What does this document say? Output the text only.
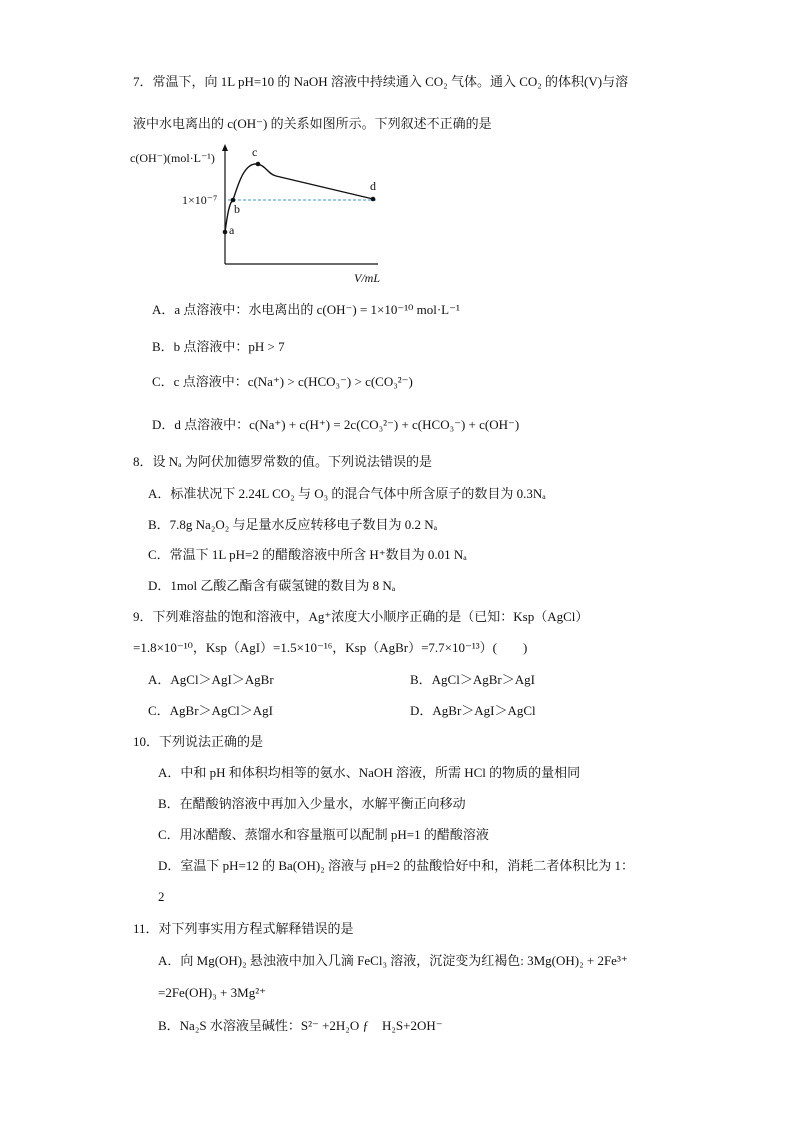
7．常温下，向 1L pH=10 的 NaOH 溶液中持续通入 CO₂ 气体。通入 CO₂ 的体积(V)与溶
液中水电离出的 c(OH⁻) 的关系如图所示。下列叙述不正确的是
c(OH⁻)(mol·L⁻¹)
1×10⁻⁷
V/mL
a
b
c
d
A．a 点溶液中：水电离出的 c(OH⁻) = 1×10⁻¹⁰ mol·L⁻¹
B．b 点溶液中：pH > 7
C．c 点溶液中：c(Na⁺) > c(HCO₃⁻) > c(CO₃²⁻)
D．d 点溶液中：c(Na⁺) + c(H⁺) = 2c(CO₃²⁻) + c(HCO₃⁻) + c(OH⁻)
8．设 Nₐ 为阿伏加德罗常数的值。下列说法错误的是
A．标准状况下 2.24L CO₂ 与 O₃ 的混合气体中所含原子的数目为 0.3Nₐ
B．7.8g Na₂O₂ 与足量水反应转移电子数目为 0.2 Nₐ
C．常温下 1L pH=2 的醋酸溶液中所含 H⁺数目为 0.01 Nₐ
D．1mol 乙酸乙酯含有碳氢键的数目为 8 Nₐ
9．下列难溶盐的饱和溶液中，Ag⁺浓度大小顺序正确的是（已知：Ksp（AgCl）
=1.8×10⁻¹⁰，Ksp（AgI）=1.5×10⁻¹⁶，Ksp（AgBr）=7.7×10⁻¹³）(　　)
A．AgCl＞AgI＞AgBr	B．AgCl＞AgBr＞AgI
C．AgBr＞AgCl＞AgI	D．AgBr＞AgI＞AgCl
10．下列说法正确的是
A．中和 pH 和体积均相等的氨水、NaOH 溶液，所需 HCl 的物质的量相同
B．在醋酸钠溶液中再加入少量水，水解平衡正向移动
C．用冰醋酸、蒸馏水和容量瓶可以配制 pH=1 的醋酸溶液
D．室温下 pH=12 的 Ba(OH)₂ 溶液与 pH=2 的盐酸恰好中和，消耗二者体积比为 1：
2
11．对下列事实用方程式解释错误的是
A．向 Mg(OH)₂ 悬浊液中加入几滴 FeCl₃ 溶液，沉淀变为红褐色: 3Mg(OH)₂ + 2Fe³⁺
=2Fe(OH)₃ + 3Mg²⁺
B．Na₂S 水溶液呈碱性：S²⁻ +2H₂O ƒ　H₂S+2OH⁻
